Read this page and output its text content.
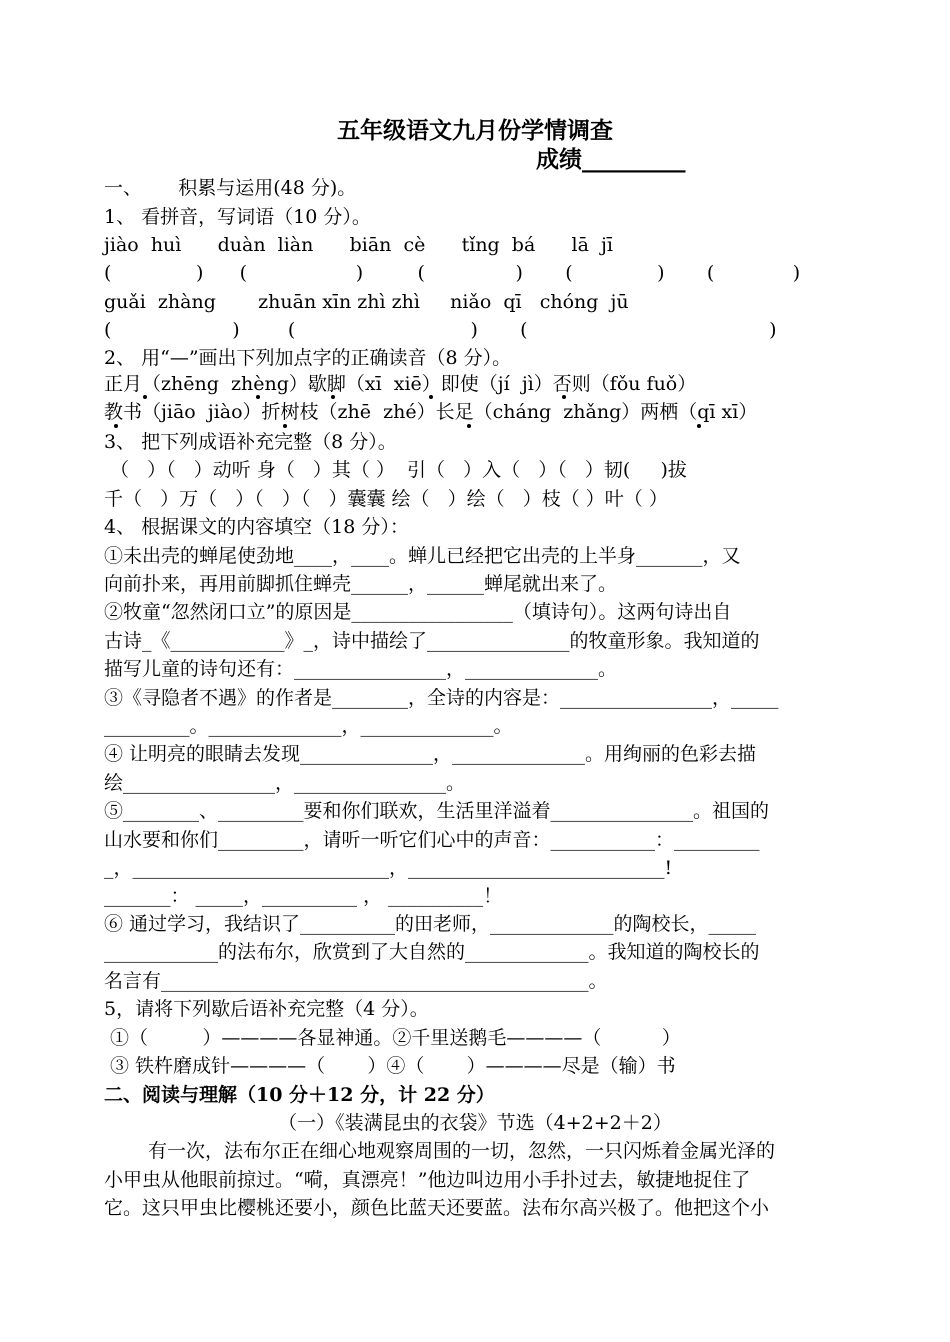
五年级语文九月份学情调查
成绩_________
一、      积累与运用(48 分)。
1、 看拼音，写词语（10 分）。
jiào  huì      duàn  liàn      biān  cè      tǐng  bá      lā  jī
(              )      (                  )         (               )       (              )       (             )
guǎi  zhàng       zhuān xīn zhì zhì     niǎo  qī   chóng  jū
(                    )        (                             )       (                                        )
2、 用“—”画出下列加点字的正确读音（8 分）。
正月（zhēng  zhèng）歇脚（xī  xiē）即使（jí  jì）否则（fǒu fuǒ）
教书（jiāo  jiào）折树枝（zhē  zhé）长足（cháng  zhǎng）两栖（qī xī）
3、 把下列成语补充完整（8 分）。
（   ）（   ）动听 身（   ）其（ ）  引（   ）入（   ）（   ）韧(     )拔
千（   ）万（   ）（   ）（   ）囊囊 绘（   ）绘（   ）枝（ ）叶（ ）
4、 根据课文的内容填空（18 分）：
①未出壳的蝉尾使劲地____，____。蝉儿已经把它出壳的上半身_______，又
向前扑来，再用前脚抓住蝉壳______，______蝉尾就出来了。
②牧童“忽然闭口立”的原因是_________________（填诗句）。这两句诗出自
古诗_《____________》_，诗中描绘了_______________的牧童形象。我知道的
描写儿童的诗句还有：________________，______________。
③《寻隐者不遇》的作者是________，全诗的内容是：________________，_____
_________。______________，______________。
④ 让明亮的眼睛去发现______________，______________。用绚丽的色彩去描
绘________________，________________。
⑤________、_________要和你们联欢，生活里洋溢着_______________。祖国的
山水要和你们_________，请听一听它们心中的声音：___________：_________
_，___________________________，___________________________!
_______： _____，__________ ， __________！
⑥ 通过学习，我结识了__________的田老师，_____________的陶校长，_____
____________的法布尔，欣赏到了大自然的_____________。我知道的陶校长的
名言有_____________________________________________。
5，请将下列歇后语补充完整（4 分）。
①（         ）————各显神通。②千里送鹅毛————（          ）
③ 铁杵磨成针————（       ）④（       ）————尽是（输）书
二、阅读与理解（10 分＋12 分，计 22 分）
（一）《装满昆虫的衣袋》节选（4+2+2＋2）
有一次，法布尔正在细心地观察周围的一切，忽然，一只闪烁着金属光泽的
小甲虫从他眼前掠过。“嗬，真漂亮！”他边叫边用小手扑过去，敏捷地捉住了
它。这只甲虫比樱桃还要小，颜色比蓝天还要蓝。法布尔高兴极了。他把这个小
